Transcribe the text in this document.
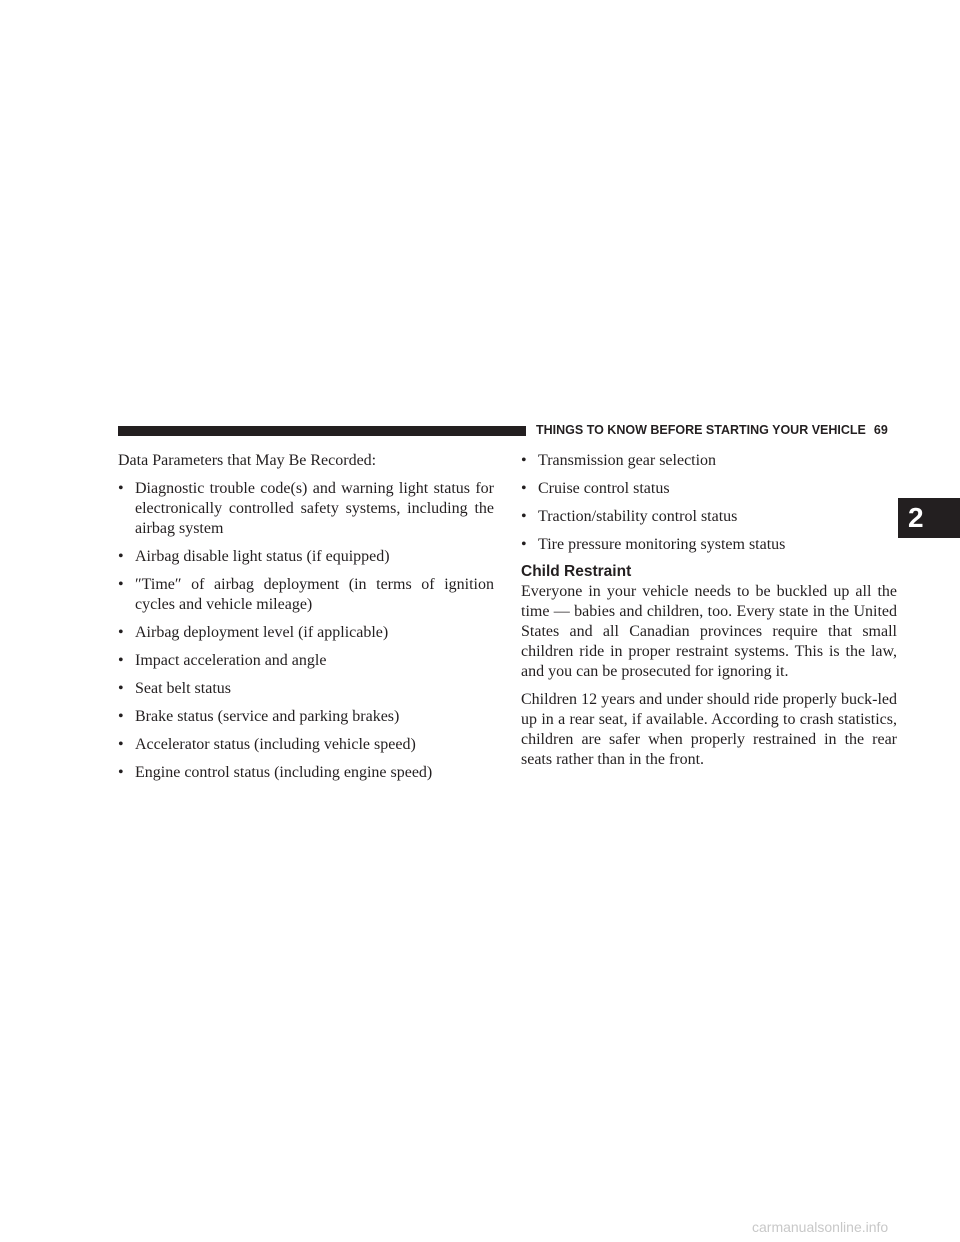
THINGS TO KNOW BEFORE STARTING YOUR VEHICLE 69

Data Parameters that May Be Recorded:

• Diagnostic trouble code(s) and warning light status for electronically controlled safety systems, including the airbag system
• Airbag disable light status (if equipped)
• ″Time″ of airbag deployment (in terms of ignition cycles and vehicle mileage)
• Airbag deployment level (if applicable)
• Impact acceleration and angle
• Seat belt status
• Brake status (service and parking brakes)
• Accelerator status (including vehicle speed)
• Engine control status (including engine speed)
• Transmission gear selection
• Cruise control status
• Traction/stability control status
• Tire pressure monitoring system status
Child Restraint

Everyone in your vehicle needs to be buckled up all the time — babies and children, too. Every state in the United States and all Canadian provinces require that small children ride in proper restraint systems. This is the law, and you can be prosecuted for ignoring it.

Children 12 years and under should ride properly buck-led up in a rear seat, if available. According to crash statistics, children are safer when properly restrained in the rear seats rather than in the front.

2
carmanualsonline.info
